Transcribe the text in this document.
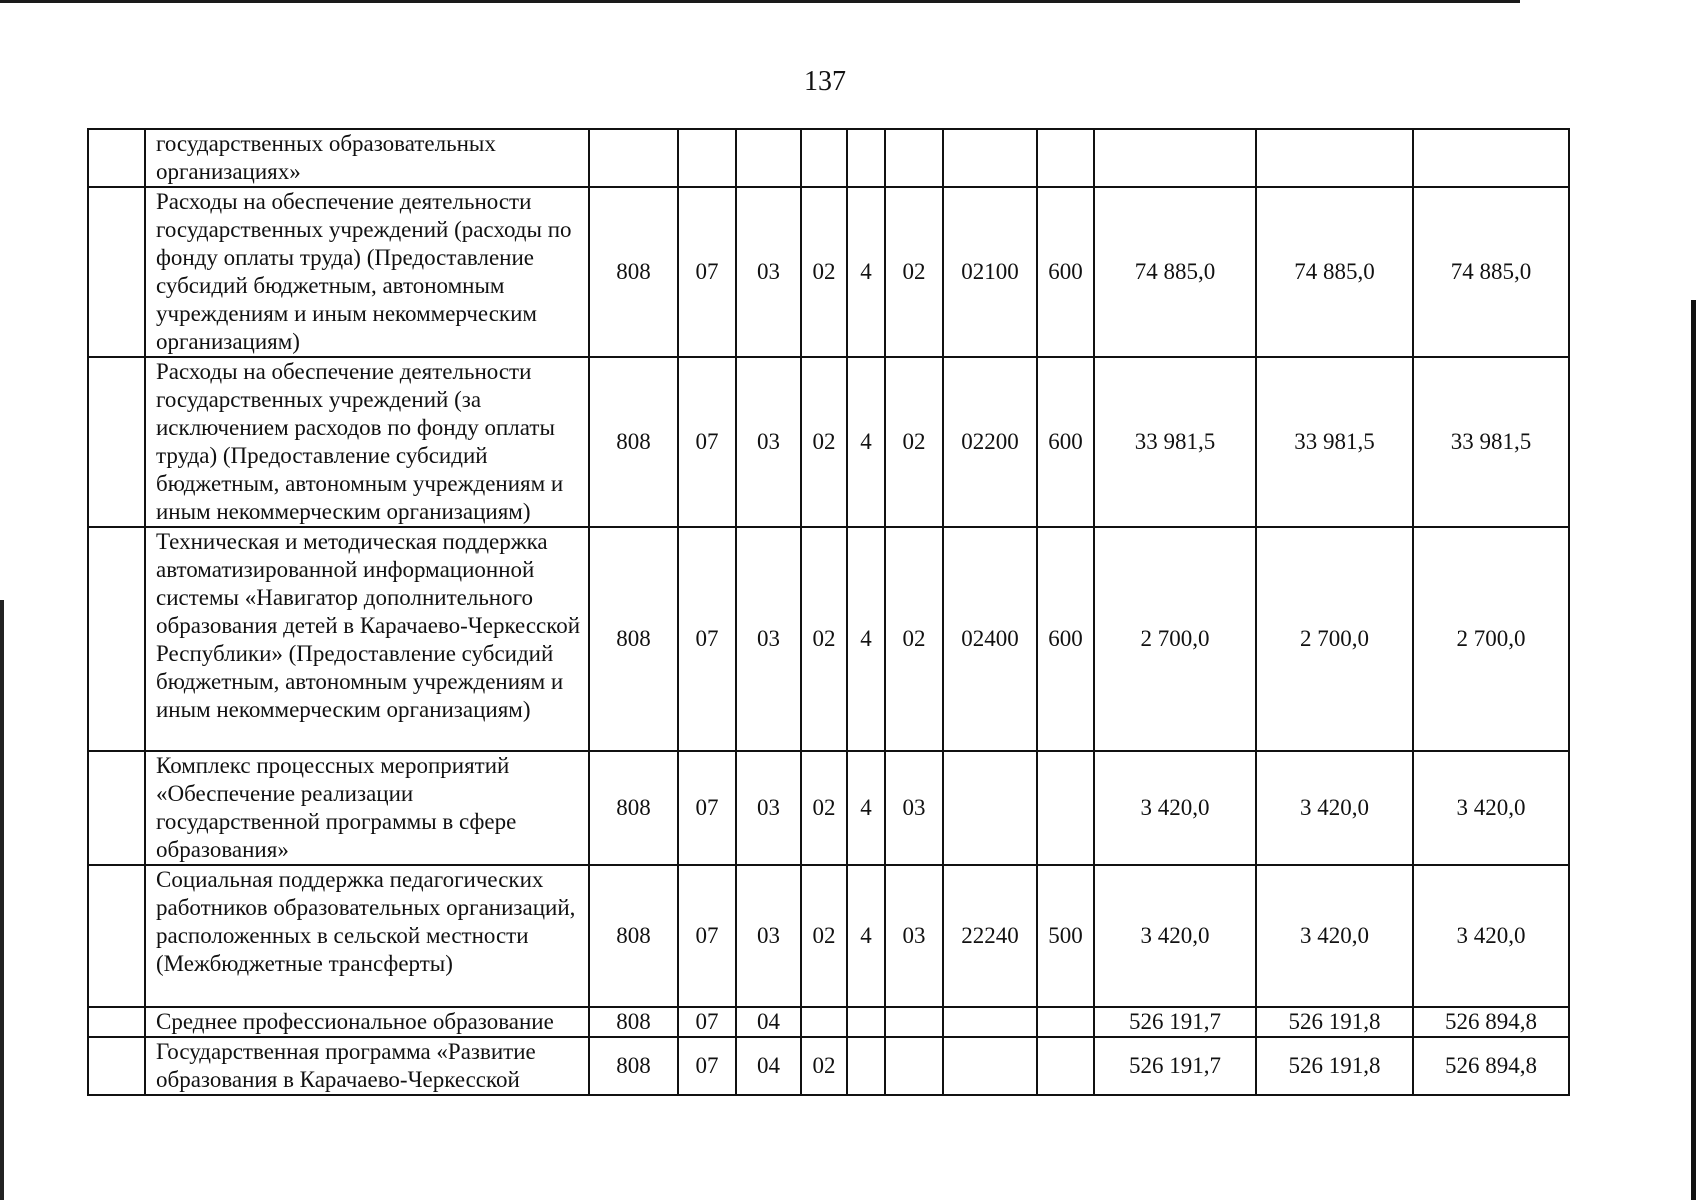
137
	государственных образовательных организациях»											
	Расходы на обеспечение деятельности государственных учреждений (расходы по фонду оплаты труда) (Предоставление субсидий бюджетным, автономным учреждениям и иным некоммерческим организациям)	808	07	03	02	4	02	02100	600	74 885,0	74 885,0	74 885,0
	Расходы на обеспечение деятельности государственных учреждений (за исключением расходов по фонду оплаты труда) (Предоставление субсидий бюджетным, автономным учреждениям и иным некоммерческим организациям)	808	07	03	02	4	02	02200	600	33 981,5	33 981,5	33 981,5
	Техническая и методическая поддержка автоматизированной информационной системы «Навигатор дополнительного образования детей в Карачаево-Черкесской Республики» (Предоставление субсидий бюджетным, автономным учреждениям и иным некоммерческим организациям)	808	07	03	02	4	02	02400	600	2 700,0	2 700,0	2 700,0
	Комплекс процессных мероприятий «Обеспечение реализации государственной программы в сфере образования»	808	07	03	02	4	03			3 420,0	3 420,0	3 420,0
	Социальная поддержка педагогических работников образовательных организаций, расположенных в сельской местности (Межбюджетные трансферты)	808	07	03	02	4	03	22240	500	3 420,0	3 420,0	3 420,0
	Среднее профессиональное образование	808	07	04						526 191,7	526 191,8	526 894,8
	Государственная программа «Развитие образования в Карачаево-Черкесской	808	07	04	02					526 191,7	526 191,8	526 894,8
